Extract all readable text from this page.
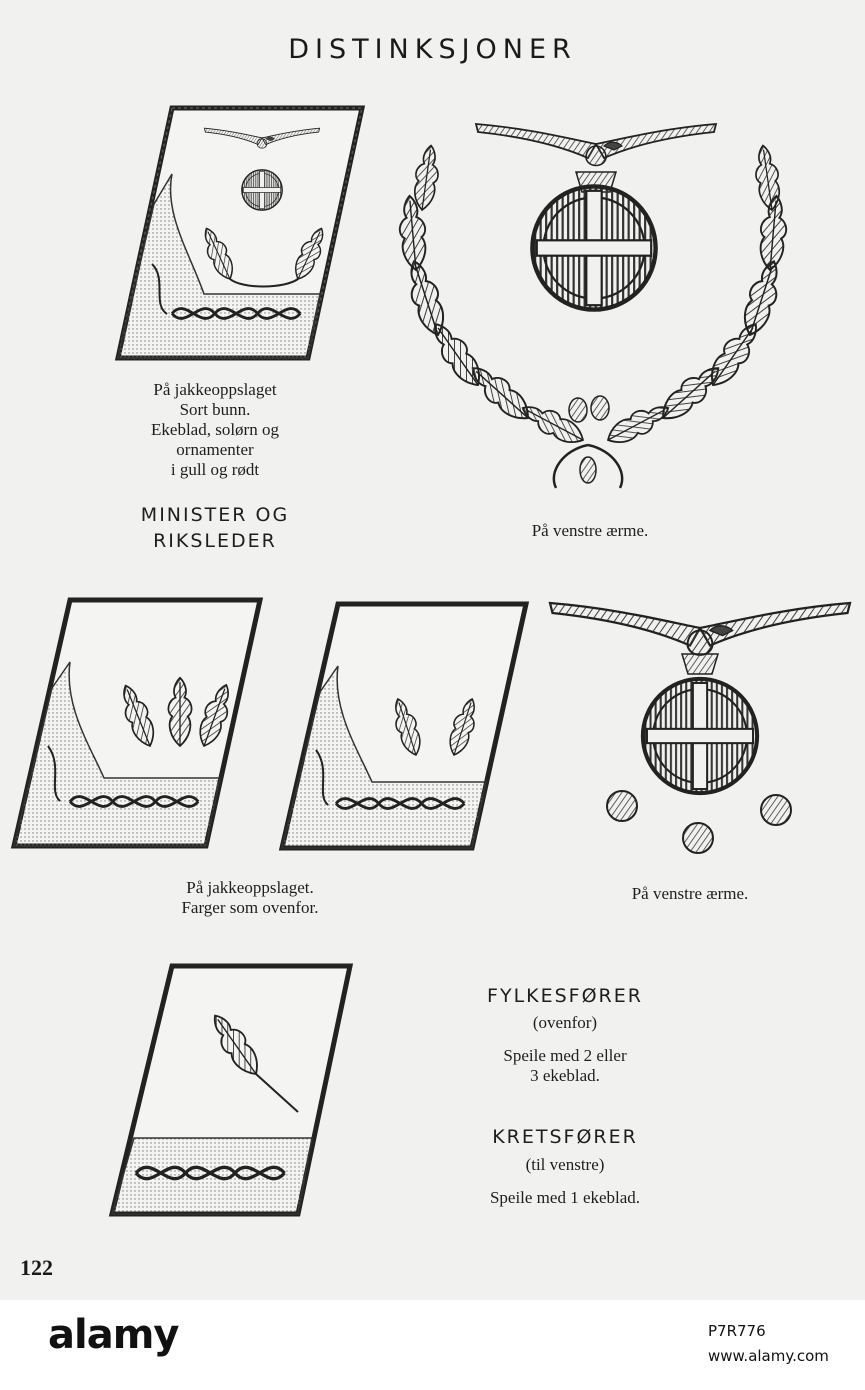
DISTINKSJONER
På jakkeoppslaget
Sort bunn.
Ekeblad, solørn og
ornamenter
i gull og rødt
MINISTER OG
RIKSLEDER	På venstre ærme.
På jakkeoppslaget.
Farger som ovenfor.
På venstre ærme.
FYLKESFØRER
(ovenfor)
Speile med 2 eller
3 ekeblad.
KRETSFØRER
(til venstre)
Speile med 1 ekeblad.
122
alamy	P7R776
www.alamy.com
